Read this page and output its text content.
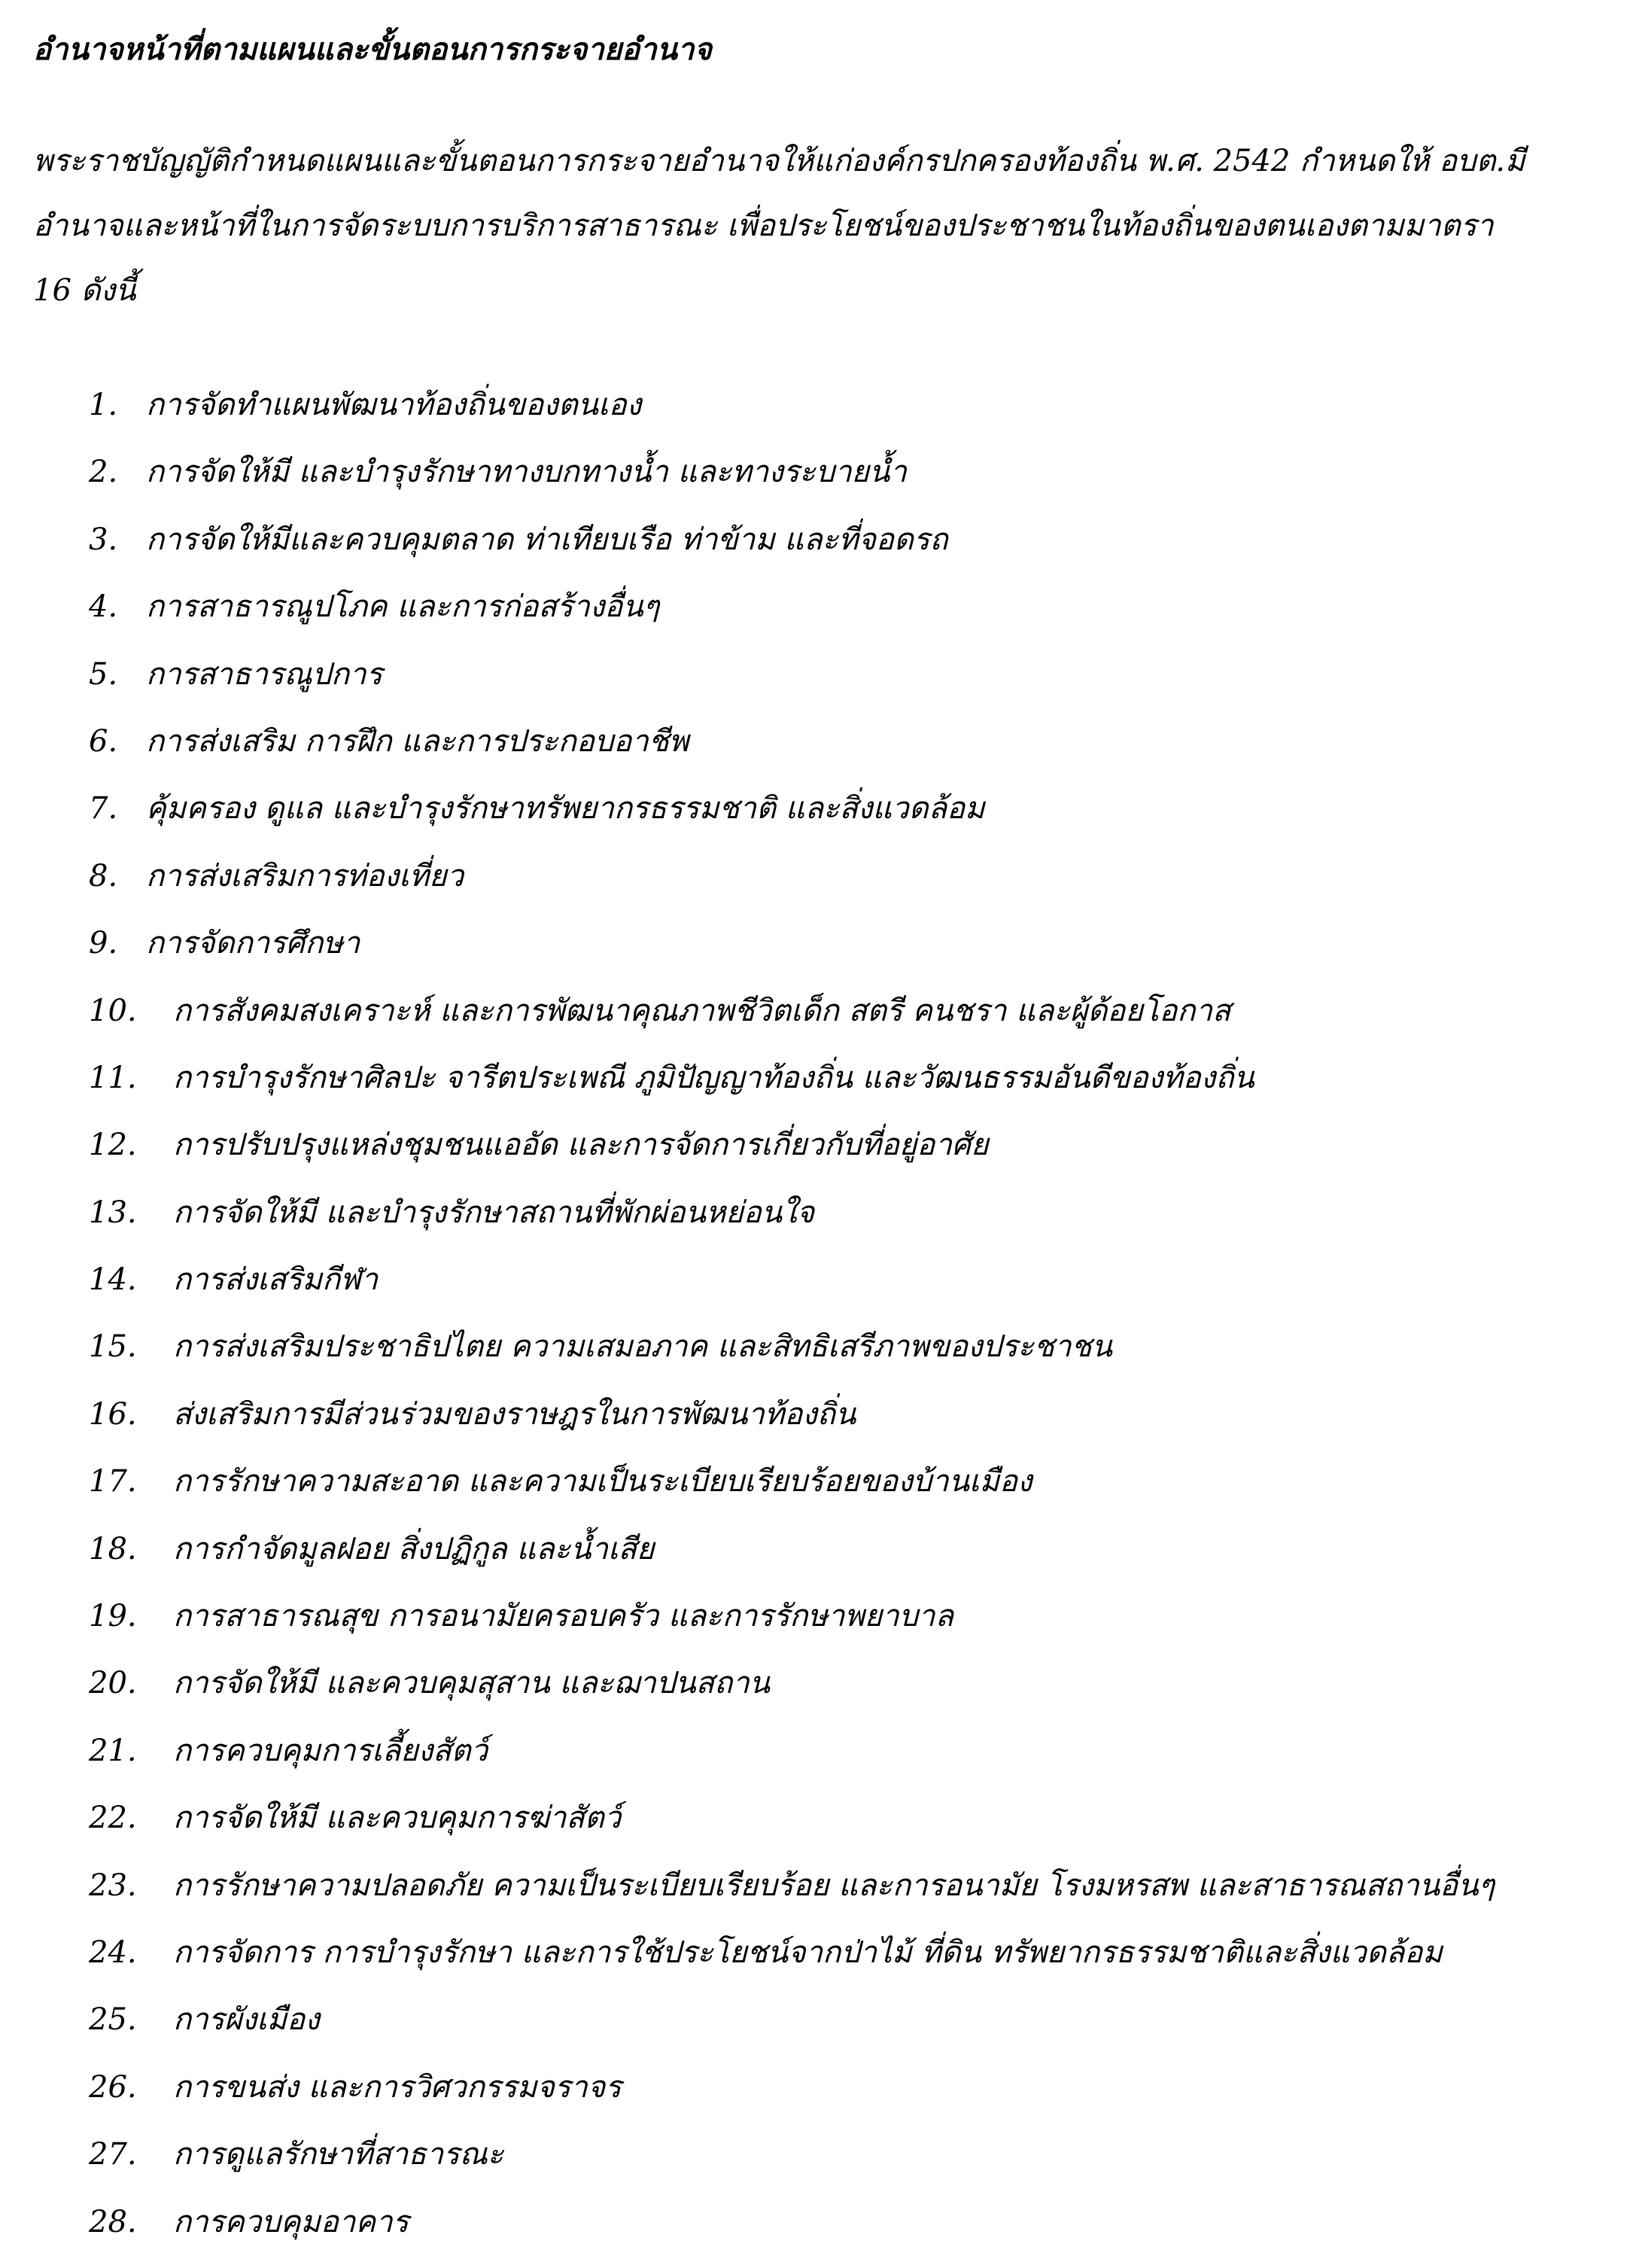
อำนาจหน้าที่ตามแผนและขั้นตอนการกระจายอำนาจ
พระราชบัญญัติกำหนดแผนและขั้นตอนการกระจายอำนาจให้แก่องค์กรปกครองท้องถิ่น พ.ศ. 2542 กำหนดให้ อบต.มี
อำนาจและหน้าที่ในการจัดระบบการบริการสาธารณะ เพื่อประโยชน์ของประชาชนในท้องถิ่นของตนเองตามมาตรา
16 ดังนี้
1. การจัดทำแผนพัฒนาท้องถิ่นของตนเอง
2. การจัดให้มี และบำรุงรักษาทางบกทางน้ำ และทางระบายน้ำ
3. การจัดให้มีและควบคุมตลาด ท่าเทียบเรือ ท่าข้าม และที่จอดรถ
4. การสาธารณูปโภค และการก่อสร้างอื่นๆ
5. การสาธารณูปการ
6. การส่งเสริม การฝึก และการประกอบอาชีพ
7. คุ้มครอง ดูแล และบำรุงรักษาทรัพยากรธรรมชาติ และสิ่งแวดล้อม
8. การส่งเสริมการท่องเที่ยว
9. การจัดการศึกษา
10. การสังคมสงเคราะห์ และการพัฒนาคุณภาพชีวิตเด็ก สตรี คนชรา และผู้ด้อยโอกาส
11. การบำรุงรักษาศิลปะ จารีตประเพณี ภูมิปัญญาท้องถิ่น และวัฒนธรรมอันดีของท้องถิ่น
12. การปรับปรุงแหล่งชุมชนแออัด และการจัดการเกี่ยวกับที่อยู่อาศัย
13. การจัดให้มี และบำรุงรักษาสถานที่พักผ่อนหย่อนใจ
14. การส่งเสริมกีฬา
15. การส่งเสริมประชาธิปไตย ความเสมอภาค และสิทธิเสรีภาพของประชาชน
16. ส่งเสริมการมีส่วนร่วมของราษฎรในการพัฒนาท้องถิ่น
17. การรักษาความสะอาด และความเป็นระเบียบเรียบร้อยของบ้านเมือง
18. การกำจัดมูลฝอย สิ่งปฏิกูล และน้ำเสีย
19. การสาธารณสุข การอนามัยครอบครัว และการรักษาพยาบาล
20. การจัดให้มี และควบคุมสุสาน และฌาปนสถาน
21. การควบคุมการเลี้ยงสัตว์
22. การจัดให้มี และควบคุมการฆ่าสัตว์
23. การรักษาความปลอดภัย ความเป็นระเบียบเรียบร้อย และการอนามัย โรงมหรสพ และสาธารณสถานอื่นๆ
24. การจัดการ การบำรุงรักษา และการใช้ประโยชน์จากป่าไม้ ที่ดิน ทรัพยากรธรรมชาติและสิ่งแวดล้อม
25. การผังเมือง
26. การขนส่ง และการวิศวกรรมจราจร
27. การดูแลรักษาที่สาธารณะ
28. การควบคุมอาคาร
